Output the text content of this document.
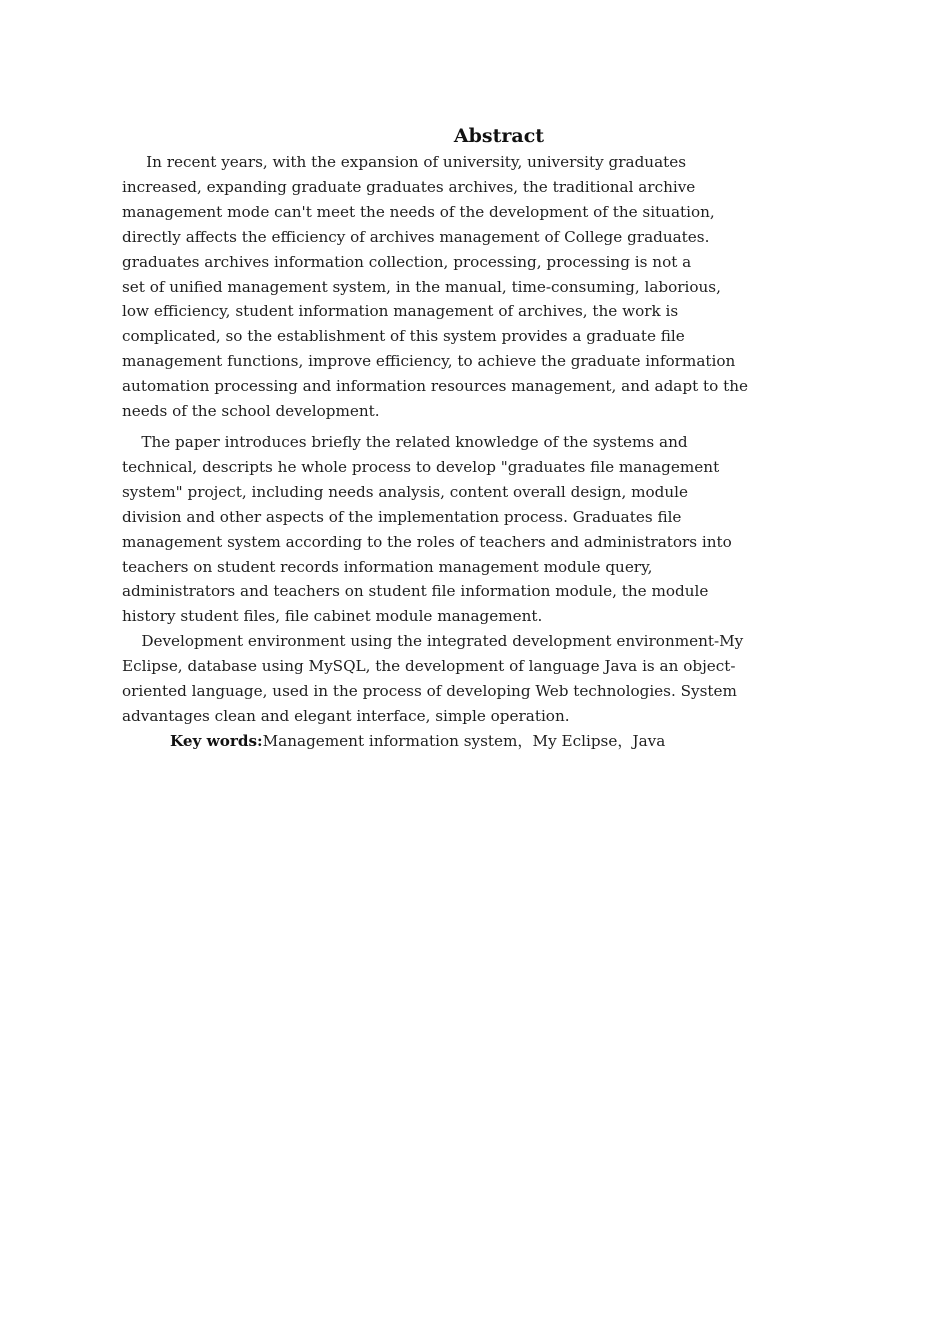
Abstract

In recent years, with the expansion of university, university graduates
increased, expanding graduate graduates archives, the traditional archive
management mode can't meet the needs of the development of the situation,
directly affects the efficiency of archives management of College graduates.
graduates archives information collection, processing, processing is not a
set of unified management system, in the manual, time-consuming, laborious,
low efficiency, student information management of archives, the work is
complicated, so the establishment of this system provides a graduate file
management functions, improve efficiency, to achieve the graduate information
automation processing and information resources management, and adapt to the
needs of the school development.

The paper introduces briefly the related knowledge of the systems and
technical, descripts he whole process to develop "graduates file management
system" project, including needs analysis, content overall design, module
division and other aspects of the implementation process. Graduates file
management system according to the roles of teachers and administrators into
teachers on student records information management module query,
administrators and teachers on student file information module, the module
history student files, file cabinet module management.

Development environment using the integrated development environment-My
Eclipse, database using MySQL, the development of language Java is an object-
oriented language, used in the process of developing Web technologies. System
advantages clean and elegant interface, simple operation.

Key words:Management information system，My Eclipse，Java
